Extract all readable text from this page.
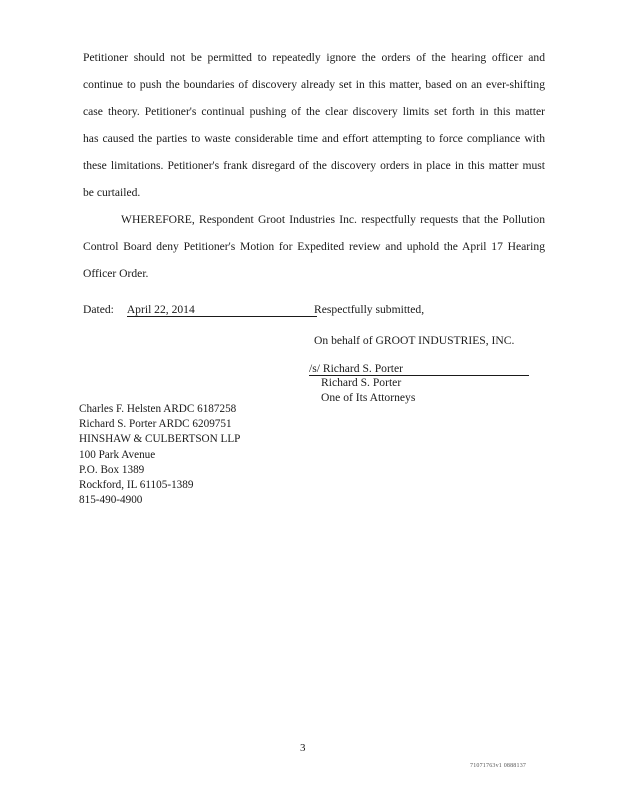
Petitioner should not be permitted to repeatedly ignore the orders of the hearing officer and
continue to push the boundaries of discovery already set in this matter, based on an ever-shifting
case theory. Petitioner's continual pushing of the clear discovery limits set forth in this matter
has caused the parties to waste considerable time and effort attempting to force compliance with
these limitations. Petitioner's frank disregard of the discovery orders in place in this matter must
be curtailed.

WHEREFORE, Respondent Groot Industries Inc. respectfully requests that the Pollution
Control Board deny Petitioner's Motion for Expedited review and uphold the April 17 Hearing
Officer Order.

Dated: April 22, 2014	Respectfully submitted,
On behalf of GROOT INDUSTRIES, INC.
/s/ Richard S. Porter
Richard S. Porter
One of Its Attorneys
Charles F. Helsten ARDC 6187258
Richard S. Porter ARDC 6209751
HINSHAW & CULBERTSON LLP
100 Park Avenue
P.O. Box 1389
Rockford, IL 61105-1389
815-490-4900
3
71071763v1 0888137
